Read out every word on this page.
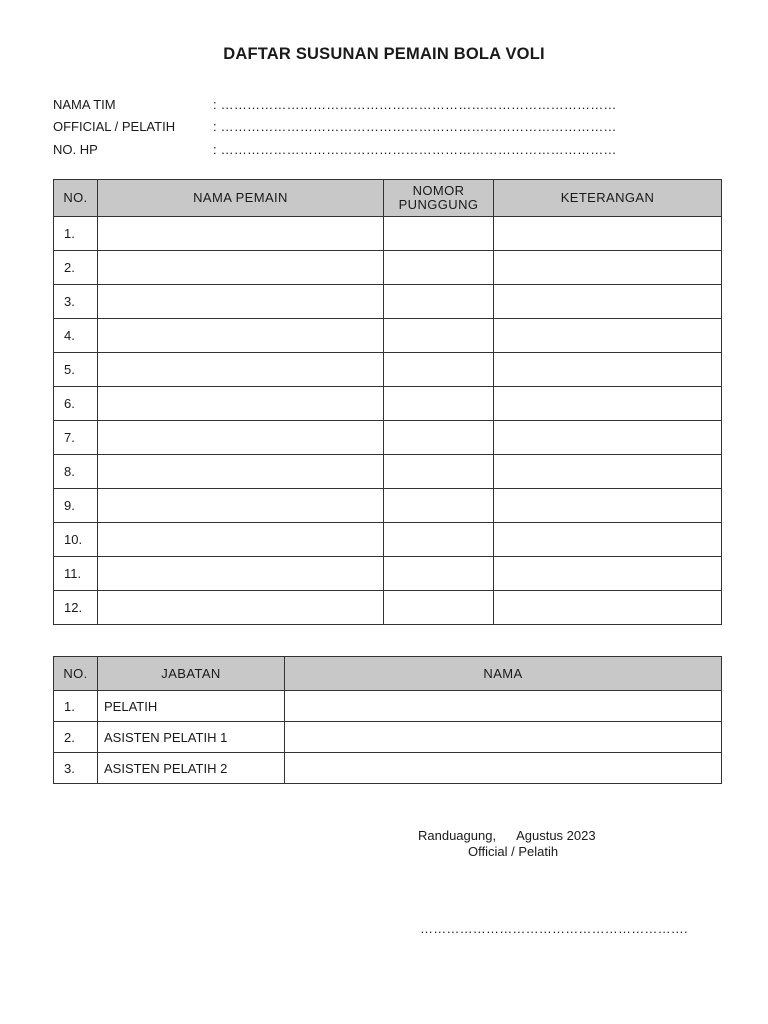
DAFTAR SUSUNAN PEMAIN BOLA VOLI
NAMA TIM	: ………………………………………………………………………………
OFFICIAL / PELATIH	: ………………………………………………………………………………
NO. HP	: ………………………………………………………………………………
NO.	NAMA PEMAIN	NOMOR
PUNGGUNG	KETERANGAN
1.			
2.			
3.			
4.			
5.			
6.			
7.			
8.			
9.			
10.			
11.			
12.			
NO.	JABATAN	NAMA
1.	PELATIH	
2.	ASISTEN PELATIH 1	
3.	ASISTEN PELATIH 2	
Randuagung, Agustus 2023
Official / Pelatih
…………………………………………………….
